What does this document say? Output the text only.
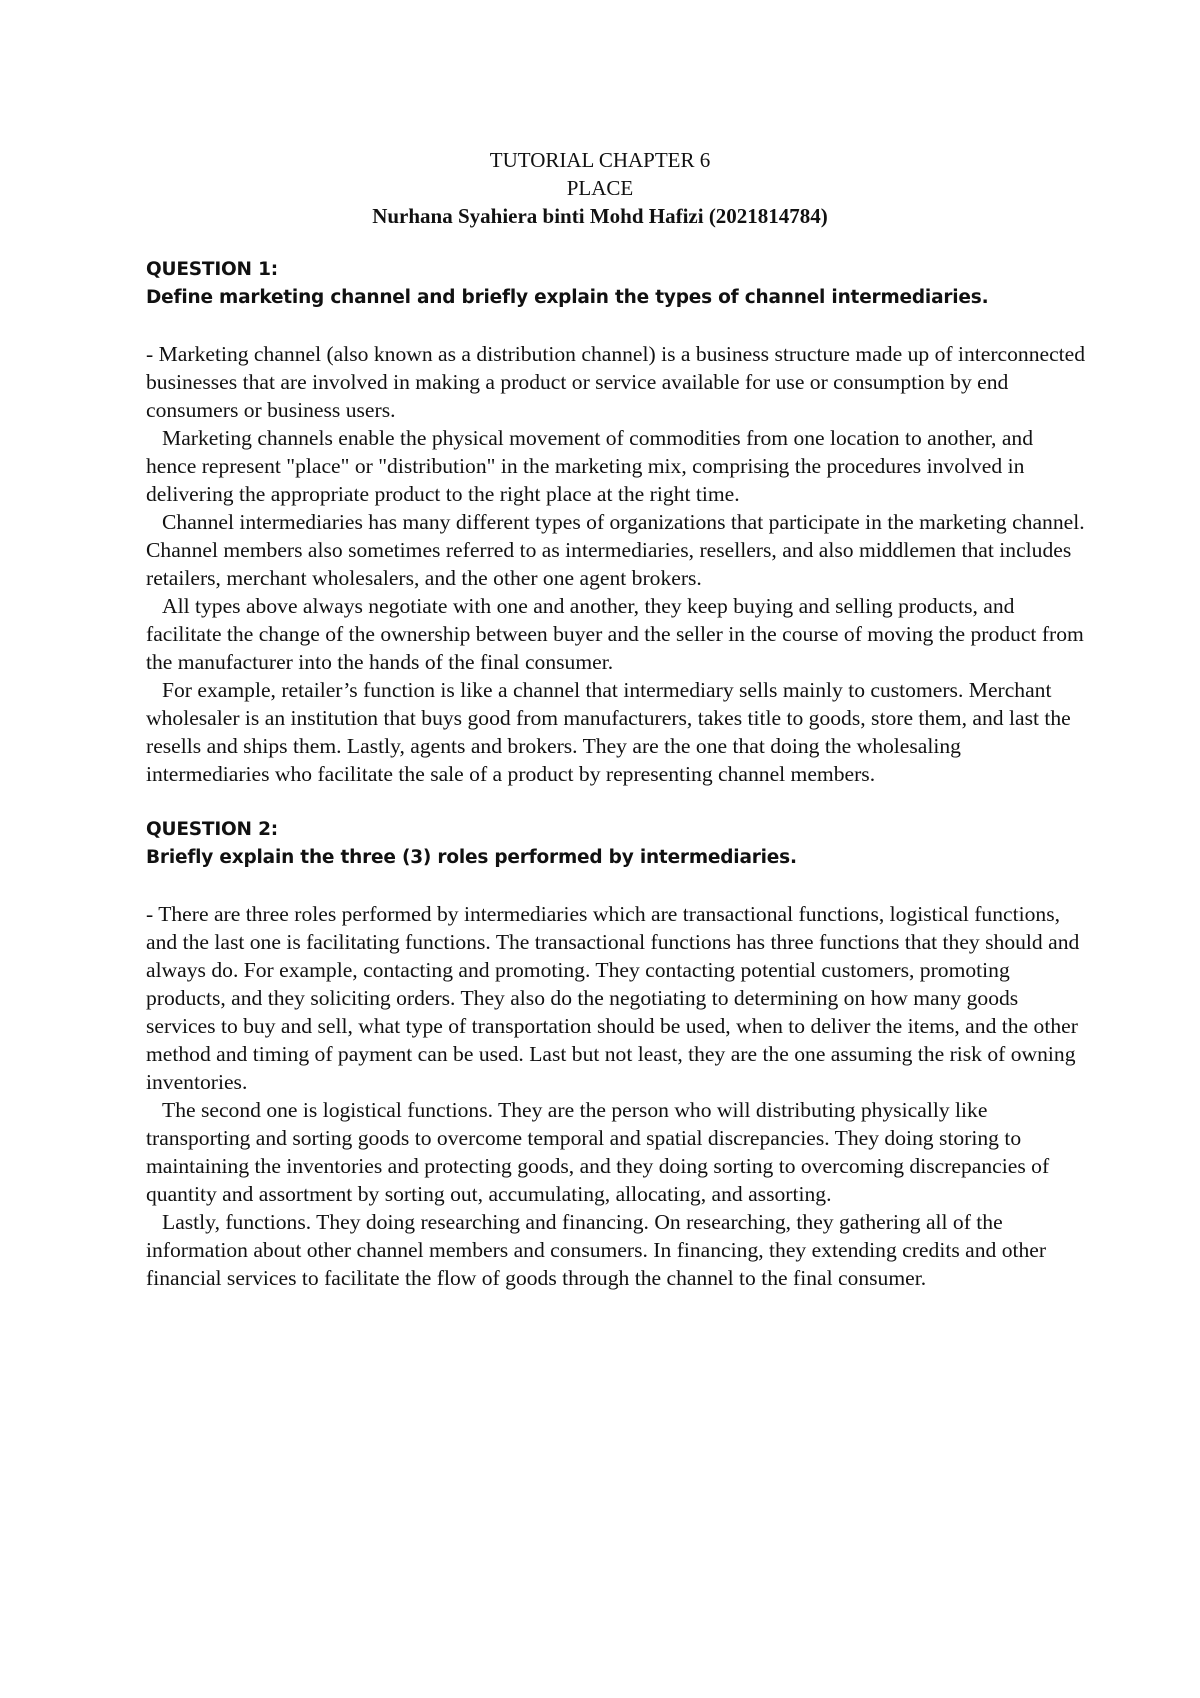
TUTORIAL CHAPTER 6
PLACE
Nurhana Syahiera binti Mohd Hafizi (2021814784)

QUESTION 1:

Define marketing channel and briefly explain the types of channel intermediaries.

- Marketing channel (also known as a distribution channel) is a business structure made up of interconnected businesses that are involved in making a product or service available for use or consumption by end consumers or business users.

Marketing channels enable the physical movement of commodities from one location to another, and hence represent "place" or "distribution" in the marketing mix, comprising the procedures involved in delivering the appropriate product to the right place at the right time.

Channel intermediaries has many different types of organizations that participate in the marketing channel. Channel members also sometimes referred to as intermediaries, resellers, and also middlemen that includes retailers, merchant wholesalers, and the other one agent brokers.

All types above always negotiate with one and another, they keep buying and selling products, and facilitate the change of the ownership between buyer and the seller in the course of moving the product from the manufacturer into the hands of the final consumer.

For example, retailer’s function is like a channel that intermediary sells mainly to customers. Merchant wholesaler is an institution that buys good from manufacturers, takes title to goods, store them, and last the resells and ships them. Lastly, agents and brokers. They are the one that doing the wholesaling intermediaries who facilitate the sale of a product by representing channel members.

QUESTION 2:

Briefly explain the three (3) roles performed by intermediaries.

- There are three roles performed by intermediaries which are transactional functions, logistical functions, and the last one is facilitating functions. The transactional functions has three functions that they should and always do. For example, contacting and promoting. They contacting potential customers, promoting products, and they soliciting orders. They also do the negotiating to determining on how many goods services to buy and sell, what type of transportation should be used, when to deliver the items, and the other method and timing of payment can be used. Last but not least, they are the one assuming the risk of owning inventories.

The second one is logistical functions. They are the person who will distributing physically like transporting and sorting goods to overcome temporal and spatial discrepancies. They doing storing to maintaining the inventories and protecting goods, and they doing sorting to overcoming discrepancies of quantity and assortment by sorting out, accumulating, allocating, and assorting.

Lastly, functions. They doing researching and financing. On researching, they gathering all of the information about other channel members and consumers. In financing, they extending credits and other financial services to facilitate the flow of goods through the channel to the final consumer.
